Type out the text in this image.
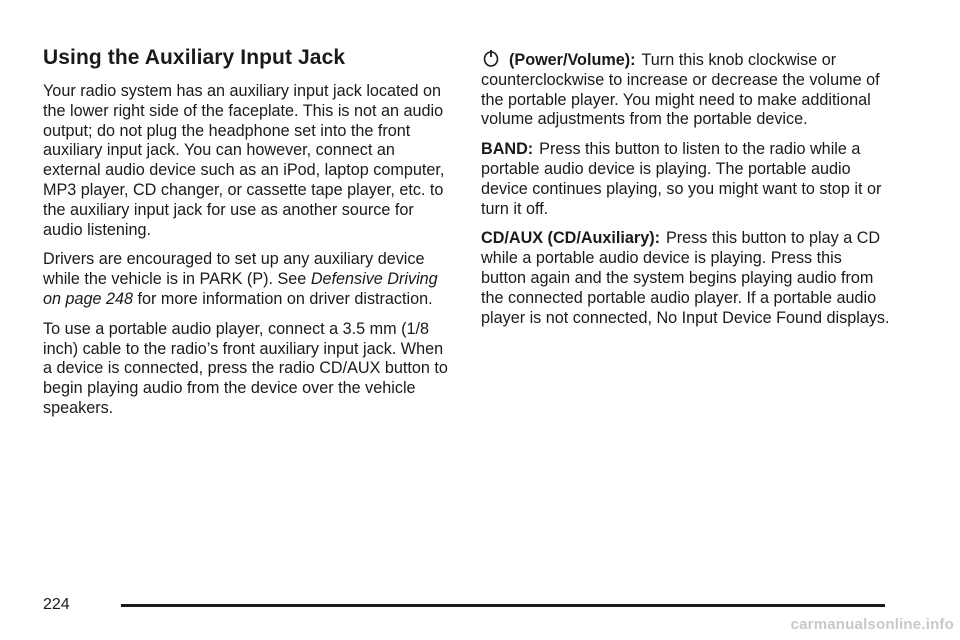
Using the Auxiliary Input Jack

Your radio system has an auxiliary input jack located on the lower right side of the faceplate. This is not an audio output; do not plug the headphone set into the front auxiliary input jack. You can however, connect an external audio device such as an iPod, laptop computer, MP3 player, CD changer, or cassette tape player, etc. to the auxiliary input jack for use as another source for audio listening.

Drivers are encouraged to set up any auxiliary device while the vehicle is in PARK (P). See Defensive Driving on page 248 for more information on driver distraction.

To use a portable audio player, connect a 3.5 mm (1/8 inch) cable to the radio’s front auxiliary input jack. When a device is connected, press the radio CD/AUX button to begin playing audio from the device over the vehicle speakers.

(Power/Volume): Turn this knob clockwise or counterclockwise to increase or decrease the volume of the portable player. You might need to make additional volume adjustments from the portable device.

BAND: Press this button to listen to the radio while a portable audio device is playing. The portable audio device continues playing, so you might want to stop it or turn it off.

CD/AUX (CD/Auxiliary): Press this button to play a CD while a portable audio device is playing. Press this button again and the system begins playing audio from the connected portable audio player. If a portable audio player is not connected, No Input Device Found displays.

224
carmanualsonline.info
